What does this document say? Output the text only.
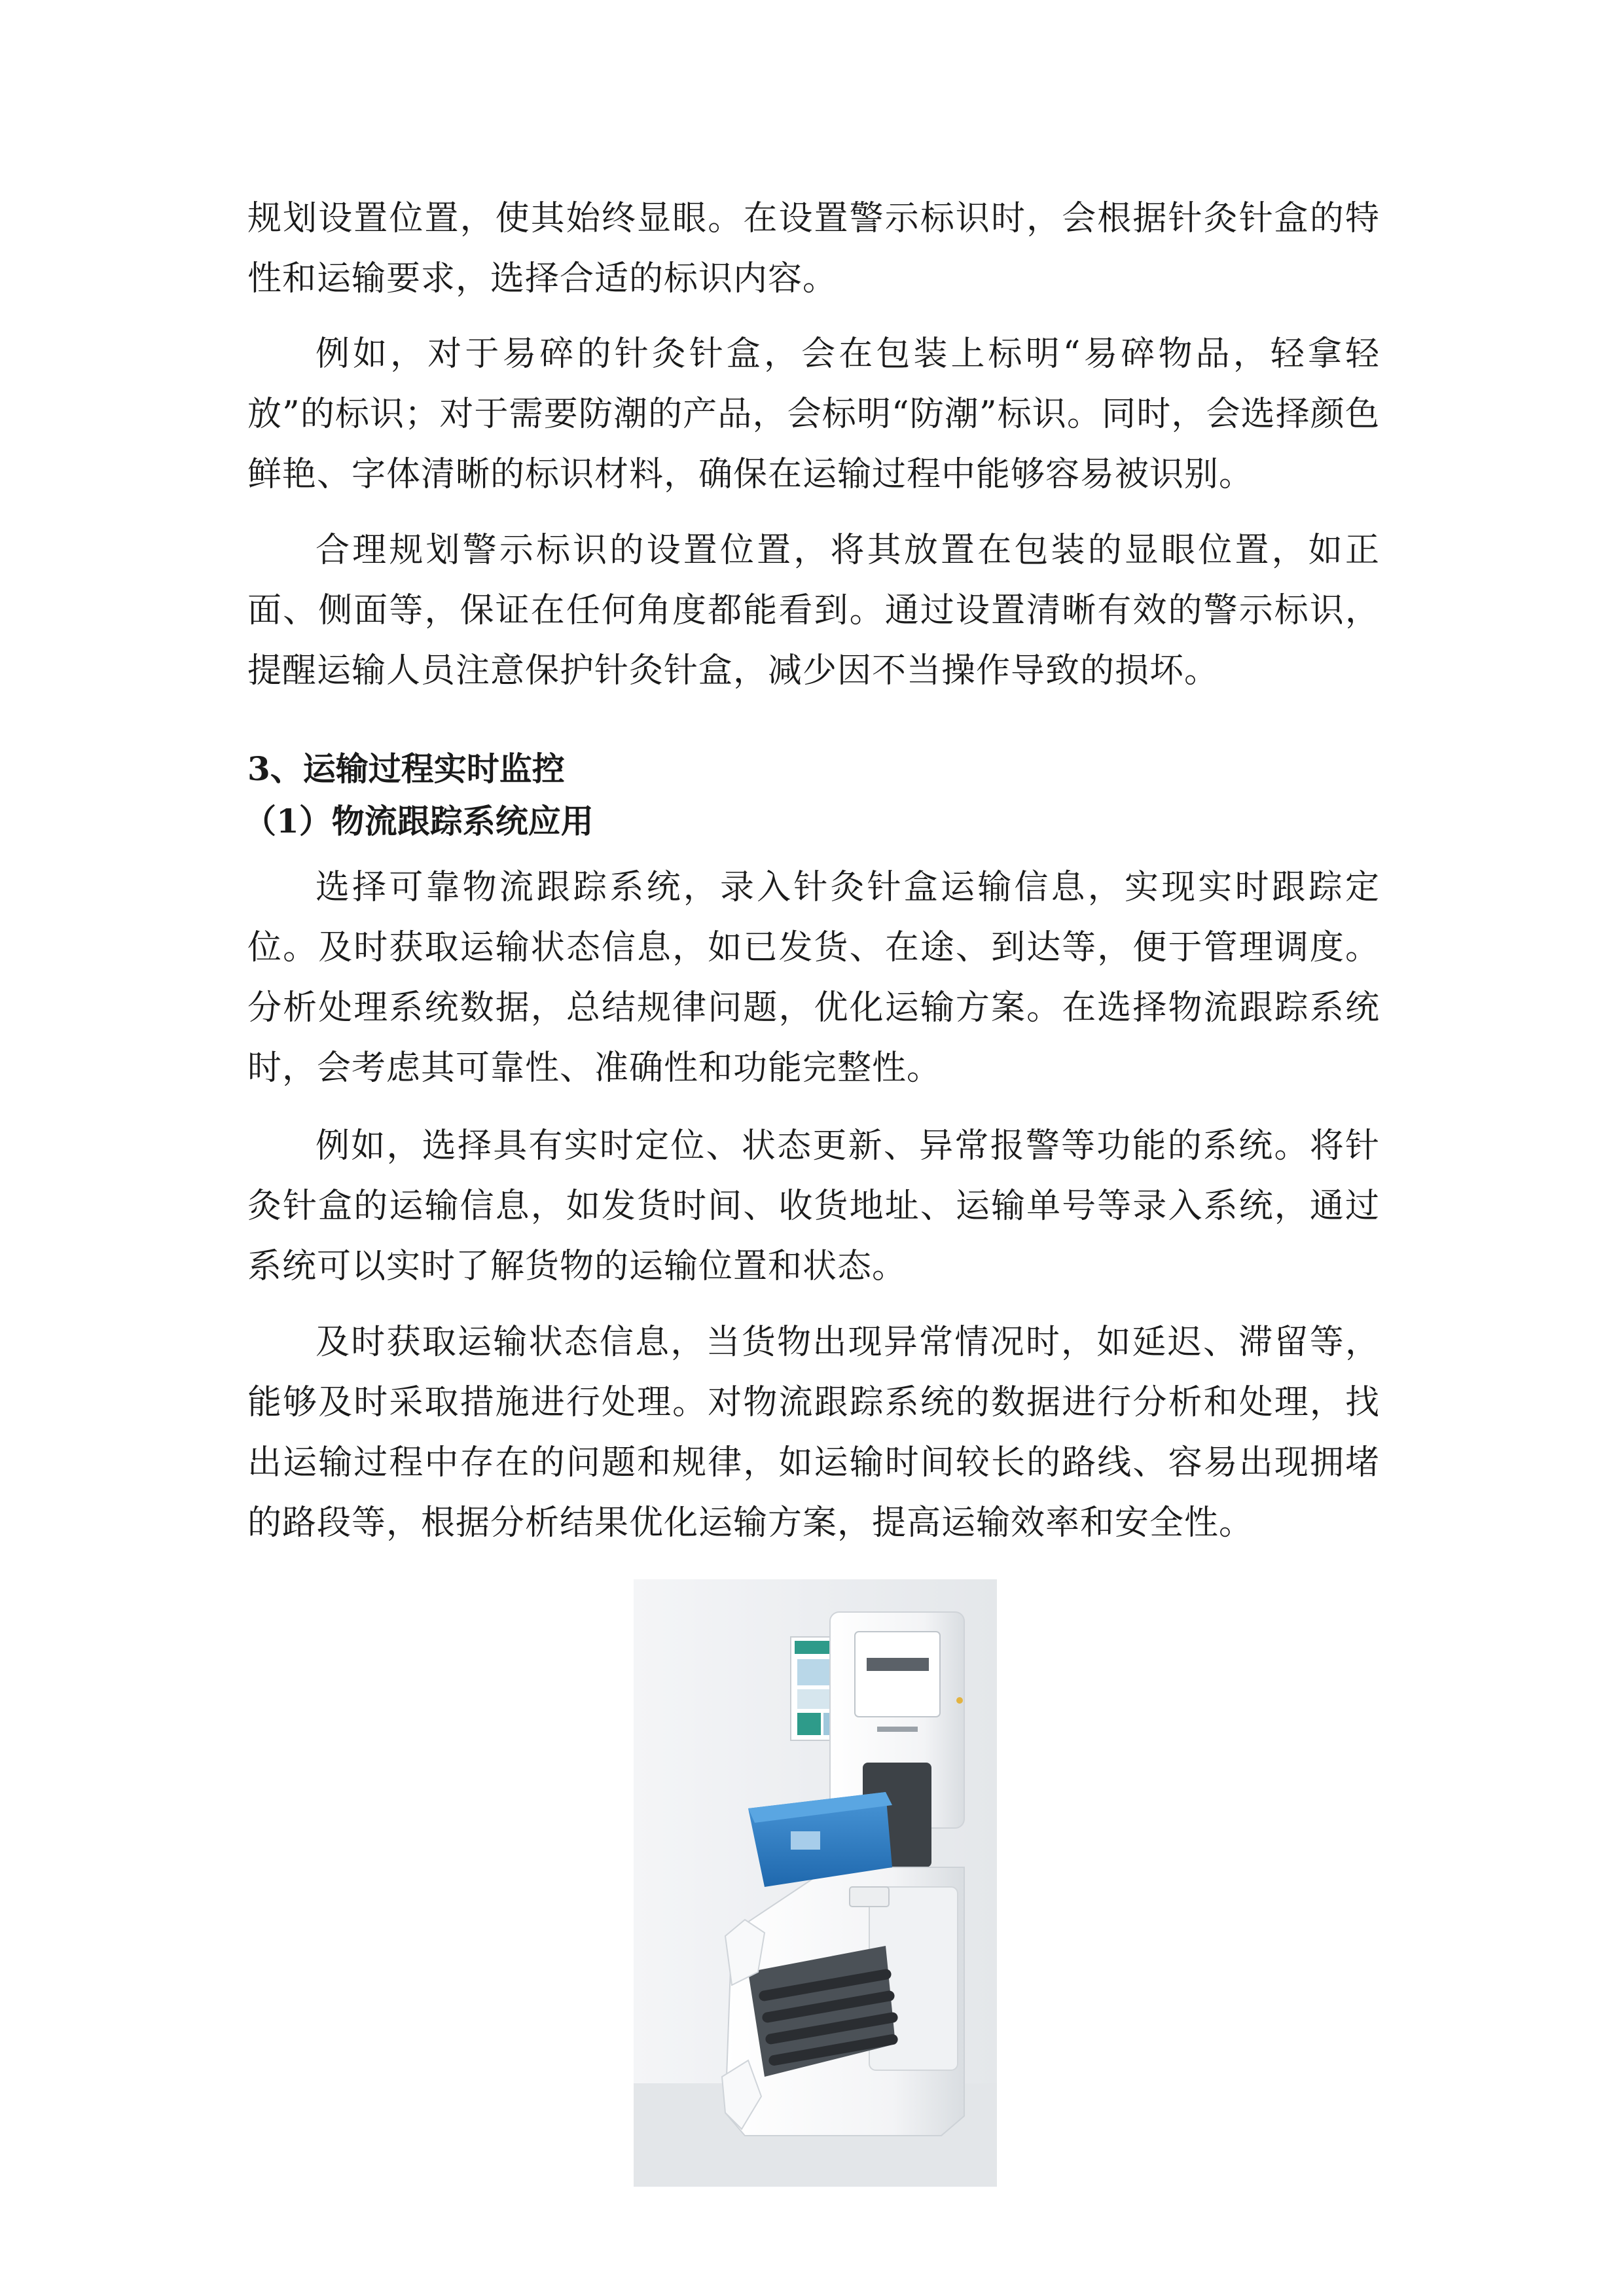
规划设置位置，使其始终显眼。在设置警示标识时，会根据针灸针盒的特性和运输要求，选择合适的标识内容。

例如，对于易碎的针灸针盒，会在包装上标明“易碎物品，轻拿轻放”的标识；对于需要防潮的产品，会标明“防潮”标识。同时，会选择颜色鲜艳、字体清晰的标识材料，确保在运输过程中能够容易被识别。

合理规划警示标识的设置位置，将其放置在包装的显眼位置，如正面、侧面等，保证在任何角度都能看到。通过设置清晰有效的警示标识，提醒运输人员注意保护针灸针盒，减少因不当操作导致的损坏。

3、运输过程实时监控
（1）物流跟踪系统应用

选择可靠物流跟踪系统，录入针灸针盒运输信息，实现实时跟踪定位。及时获取运输状态信息，如已发货、在途、到达等，便于管理调度。分析处理系统数据，总结规律问题，优化运输方案。在选择物流跟踪系统时，会考虑其可靠性、准确性和功能完整性。

例如，选择具有实时定位、状态更新、异常报警等功能的系统。将针灸针盒的运输信息，如发货时间、收货地址、运输单号等录入系统，通过系统可以实时了解货物的运输位置和状态。

及时获取运输状态信息，当货物出现异常情况时，如延迟、滞留等，能够及时采取措施进行处理。对物流跟踪系统的数据进行分析和处理，找出运输过程中存在的问题和规律，如运输时间较长的路线、容易出现拥堵的路段等，根据分析结果优化运输方案，提高运输效率和安全性。
